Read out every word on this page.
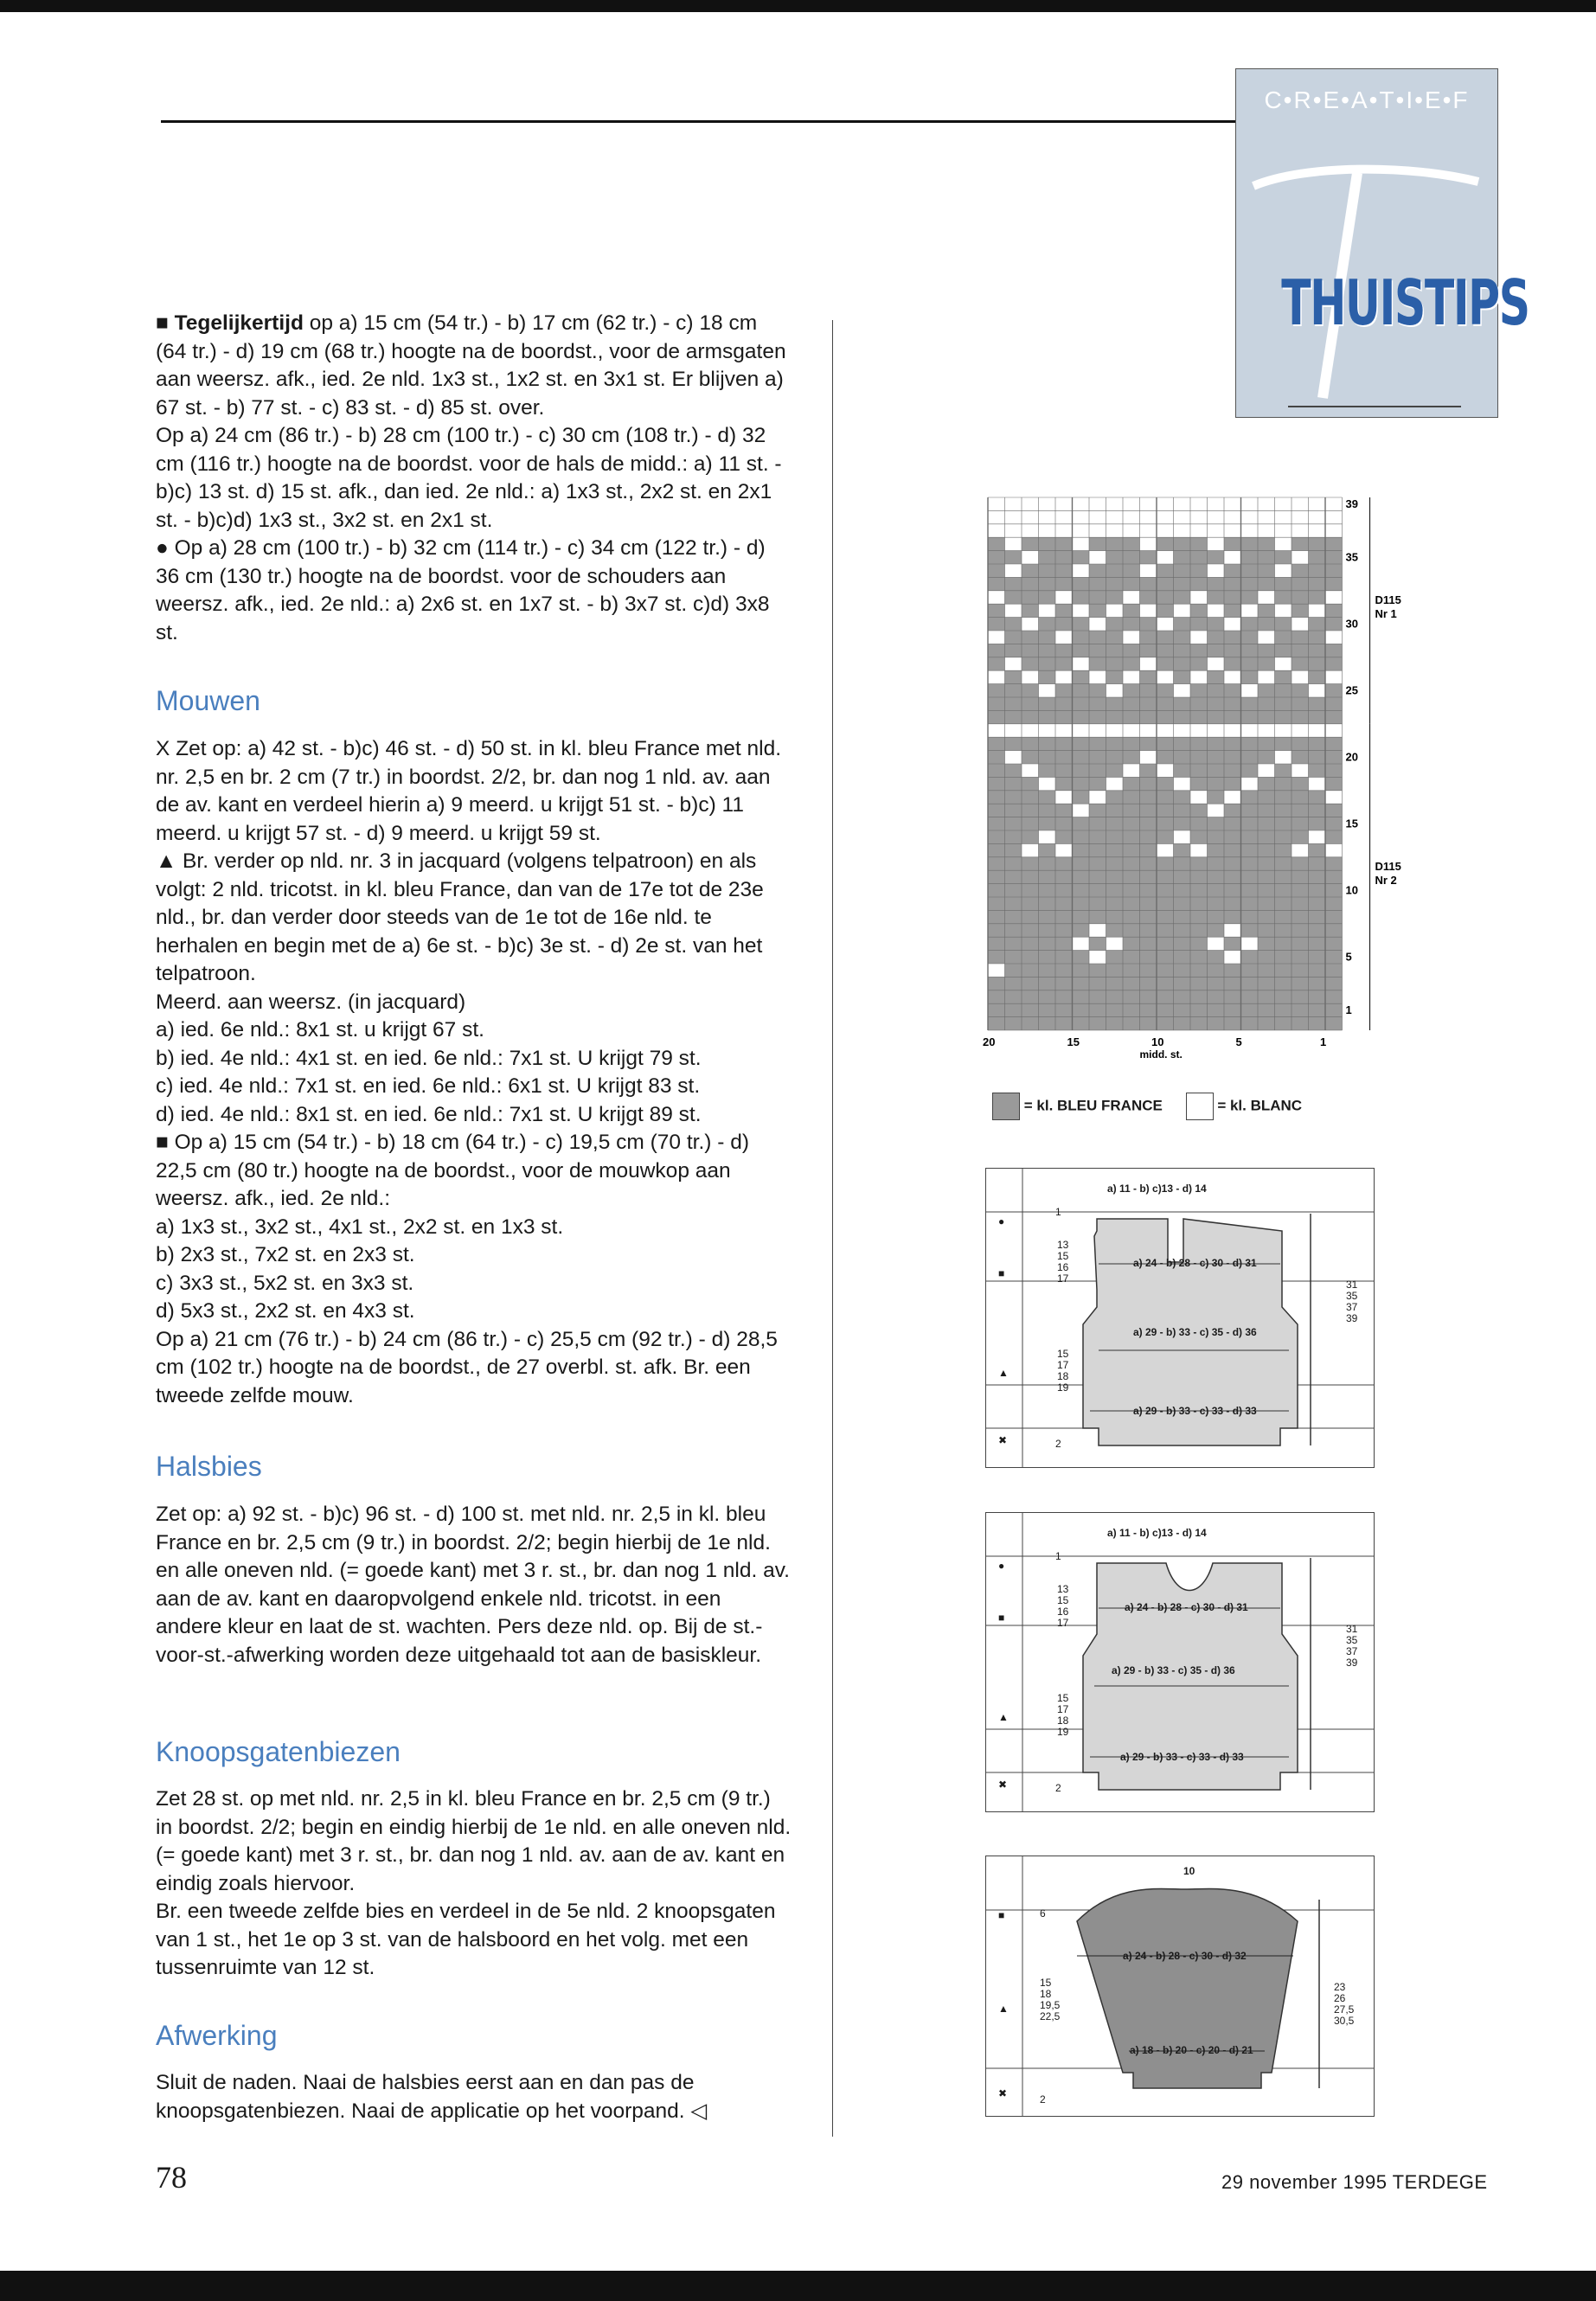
C•R•E•A•T•I•E•F
THUISTIPS

■ Tegelijkertijd op a) 15 cm (54 tr.) - b) 17 cm (62 tr.) - c) 18 cm (64 tr.) - d) 19 cm (68 tr.) hoogte na de boordst., voor de armsgaten aan weersz. afk., ied. 2e nld. 1x3 st., 1x2 st. en 3x1 st. Er blijven a) 67 st. - b) 77 st. - c) 83 st. - d) 85 st. over.

Op a) 24 cm (86 tr.) - b) 28 cm (100 tr.) - c) 30 cm (108 tr.) - d) 32 cm (116 tr.) hoogte na de boordst. voor de hals de midd.: a) 11 st. - b)c) 13 st. d) 15 st. afk., dan ied. 2e nld.: a) 1x3 st., 2x2 st. en 2x1 st. - b)c)d) 1x3 st., 3x2 st. en 2x1 st.

● Op a) 28 cm (100 tr.) - b) 32 cm (114 tr.) - c) 34 cm (122 tr.) - d) 36 cm (130 tr.) hoogte na de boordst. voor de schouders aan weersz. afk., ied. 2e nld.: a) 2x6 st. en 1x7 st. - b) 3x7 st. c)d) 3x8 st.

Mouwen

X Zet op: a) 42 st. - b)c) 46 st. - d) 50 st. in kl. bleu France met nld. nr. 2,5 en br. 2 cm (7 tr.) in boordst. 2/2, br. dan nog 1 nld. av. aan de av. kant en verdeel hierin a) 9 meerd. u krijgt 51 st. - b)c) 11 meerd. u krijgt 57 st. - d) 9 meerd. u krijgt 59 st.

▲ Br. verder op nld. nr. 3 in jacquard (volgens telpatroon) en als volgt: 2 nld. tricotst. in kl. bleu France, dan van de 17e tot de 23e nld., br. dan verder door steeds van de 1e tot de 16e nld. te herhalen en begin met de a) 6e st. - b)c) 3e st. - d) 2e st. van het telpatroon.

Meerd. aan weersz. (in jacquard)

a) ied. 6e nld.: 8x1 st. u krijgt 67 st.

b) ied. 4e nld.: 4x1 st. en ied. 6e nld.: 7x1 st. U krijgt 79 st.

c) ied. 4e nld.: 7x1 st. en ied. 6e nld.: 6x1 st. U krijgt 83 st.

d) ied. 4e nld.: 8x1 st. en ied. 6e nld.: 7x1 st. U krijgt 89 st.

■ Op a) 15 cm (54 tr.) - b) 18 cm (64 tr.) - c) 19,5 cm (70 tr.) - d) 22,5 cm (80 tr.) hoogte na de boordst., voor de mouwkop aan weersz. afk., ied. 2e nld.:

a) 1x3 st., 3x2 st., 4x1 st., 2x2 st. en 1x3 st.

b) 2x3 st., 7x2 st. en 2x3 st.

c) 3x3 st., 5x2 st. en 3x3 st.

d) 5x3 st., 2x2 st. en 4x3 st.

Op a) 21 cm (76 tr.) - b) 24 cm (86 tr.) - c) 25,5 cm (92 tr.) - d) 28,5 cm (102 tr.) hoogte na de boordst., de 27 overbl. st. afk. Br. een tweede zelfde mouw.

Halsbies

Zet op: a) 92 st. - b)c) 96 st. - d) 100 st. met nld. nr. 2,5 in kl. bleu France en br. 2,5 cm (9 tr.) in boordst. 2/2; begin hierbij de 1e nld. en alle oneven nld. (= goede kant) met 3 r. st., br. dan nog 1 nld. av. aan de av. kant en daaropvolgend enkele nld. tricotst. in een andere kleur en laat de st. wachten. Pers deze nld. op. Bij de st.-voor-st.-afwerking worden deze uitgehaald tot aan de basiskleur.

Knoopsgatenbiezen

Zet 28 st. op met nld. nr. 2,5 in kl. bleu France en br. 2,5 cm (9 tr.) in boordst. 2/2; begin en eindig hierbij de 1e nld. en alle oneven nld. (= goede kant) met 3 r. st., br. dan nog 1 nld. av. aan de av. kant en eindig zoals hiervoor.

Br. een tweede zelfde bies en verdeel in de 5e nld. 2 knoopsgaten van 1 st., het 1e op 3 st. van de halsboord en het volg. met een tussenruimte van 12 st.

Afwerking

Sluit de naden. Naai de halsbies eerst aan en dan pas de knoopsgatenbiezen. Naai de applicatie op het voorpand. ◁

39
35
30
25
20
15
10
5
1
20	15	10	5	1
midd. st.
D115
Nr 1
D115
Nr 2
= kl. BLEU FRANCE	= kl. BLANC
a) 11 - b) c)13 - d) 14
●
■
▲
✖
1
13
15
16
17
15
17
18
19
2
31
35
37
39
a) 24 - b) 28 - c) 30 - d) 31
a) 29 - b) 33 - c) 35 - d) 36
a) 29 - b) 33 - c) 33 - d) 33
a) 11 - b) c)13 - d) 14
●
■
▲
✖
1
13
15
16
17
15
17
18
19
2
31
35
37
39
a) 24 - b) 28 - c) 30 - d) 31
a) 29 - b) 33 - c) 35 - d) 36
a) 29 - b) 33 - c) 33 - d) 33
10
■
▲
✖
6
15
18
19,5
22,5
2
23
26
27,5
30,5
a) 24 - b) 28 - c) 30 - d) 32
a) 18 - b) 20 - c) 20 - d) 21
78	29 november 1995 TERDEGE
